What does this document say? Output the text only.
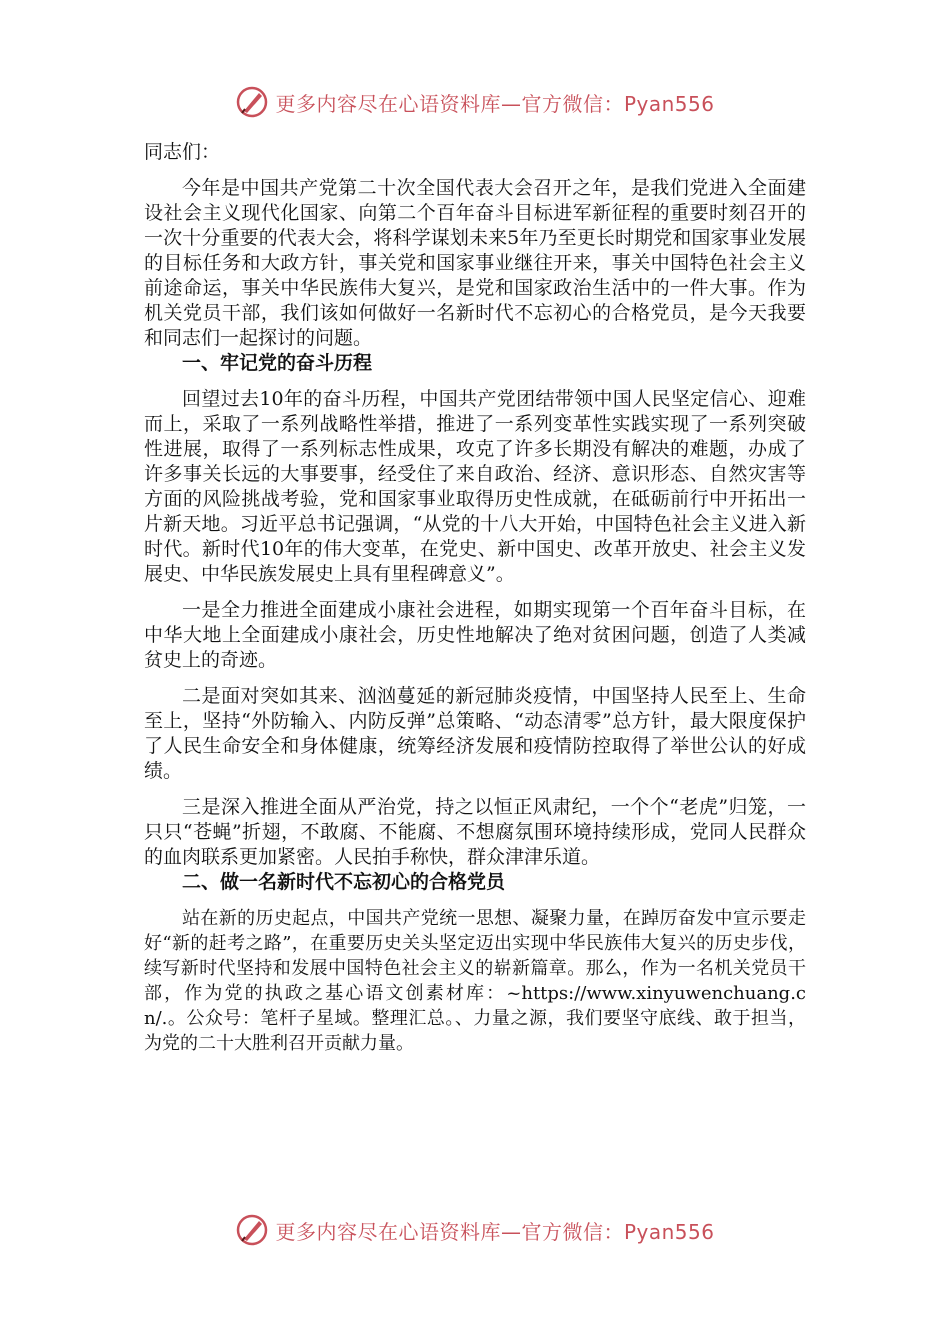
更多内容尽在心语资料库—官方微信：Pyan556

同志们：

今年是中国共产党第二十次全国代表大会召开之年，是我们党进入全面建设社会主义现代化国家、向第二个百年奋斗目标进军新征程的重要时刻召开的一次十分重要的代表大会，将科学谋划未来5年乃至更长时期党和国家事业发展的目标任务和大政方针，事关党和国家事业继往开来，事关中国特色社会主义前途命运，事关中华民族伟大复兴，是党和国家政治生活中的一件大事。作为机关党员干部，我们该如何做好一名新时代不忘初心的合格党员，是今天我要和同志们一起探讨的问题。

一、牢记党的奋斗历程

回望过去10年的奋斗历程，中国共产党团结带领中国人民坚定信心、迎难而上，采取了一系列战略性举措，推进了一系列变革性实践实现了一系列突破性进展，取得了一系列标志性成果，攻克了许多长期没有解决的难题，办成了许多事关长远的大事要事，经受住了来自政治、经济、意识形态、自然灾害等方面的风险挑战考验，党和国家事业取得历史性成就，在砥砺前行中开拓出一片新天地。习近平总书记强调，“从党的十八大开始，中国特色社会主义进入新时代。新时代10年的伟大变革，在党史、新中国史、改革开放史、社会主义发展史、中华民族发展史上具有里程碑意义”。

一是全力推进全面建成小康社会进程，如期实现第一个百年奋斗目标，在中华大地上全面建成小康社会，历史性地解决了绝对贫困问题，创造了人类减贫史上的奇迹。

二是面对突如其来、汹汹蔓延的新冠肺炎疫情，中国坚持人民至上、生命至上，坚持“外防输入、内防反弹”总策略、“动态清零”总方针，最大限度保护了人民生命安全和身体健康，统筹经济发展和疫情防控取得了举世公认的好成绩。

三是深入推进全面从严治党，持之以恒正风肃纪，一个个“老虎”归笼，一只只“苍蝇”折翅，不敢腐、不能腐、不想腐氛围环境持续形成，党同人民群众的血肉联系更加紧密。人民拍手称快，群众津津乐道。

二、做一名新时代不忘初心的合格党员

站在新的历史起点，中国共产党统一思想、凝聚力量，在踔厉奋发中宣示要走好“新的赶考之路”，在重要历史关头坚定迈出实现中华民族伟大复兴的历史步伐，续写新时代坚持和发展中国特色社会主义的崭新篇章。那么，作为一名机关党员干部，作为党的执政之基心语文创素材库：~https://www.xinyuwenchuang.cn/.。公众号：笔杆子星域。整理汇总。、力量之源，我们要坚守底线、敢于担当，为党的二十大胜利召开贡献力量。

更多内容尽在心语资料库—官方微信：Pyan556
